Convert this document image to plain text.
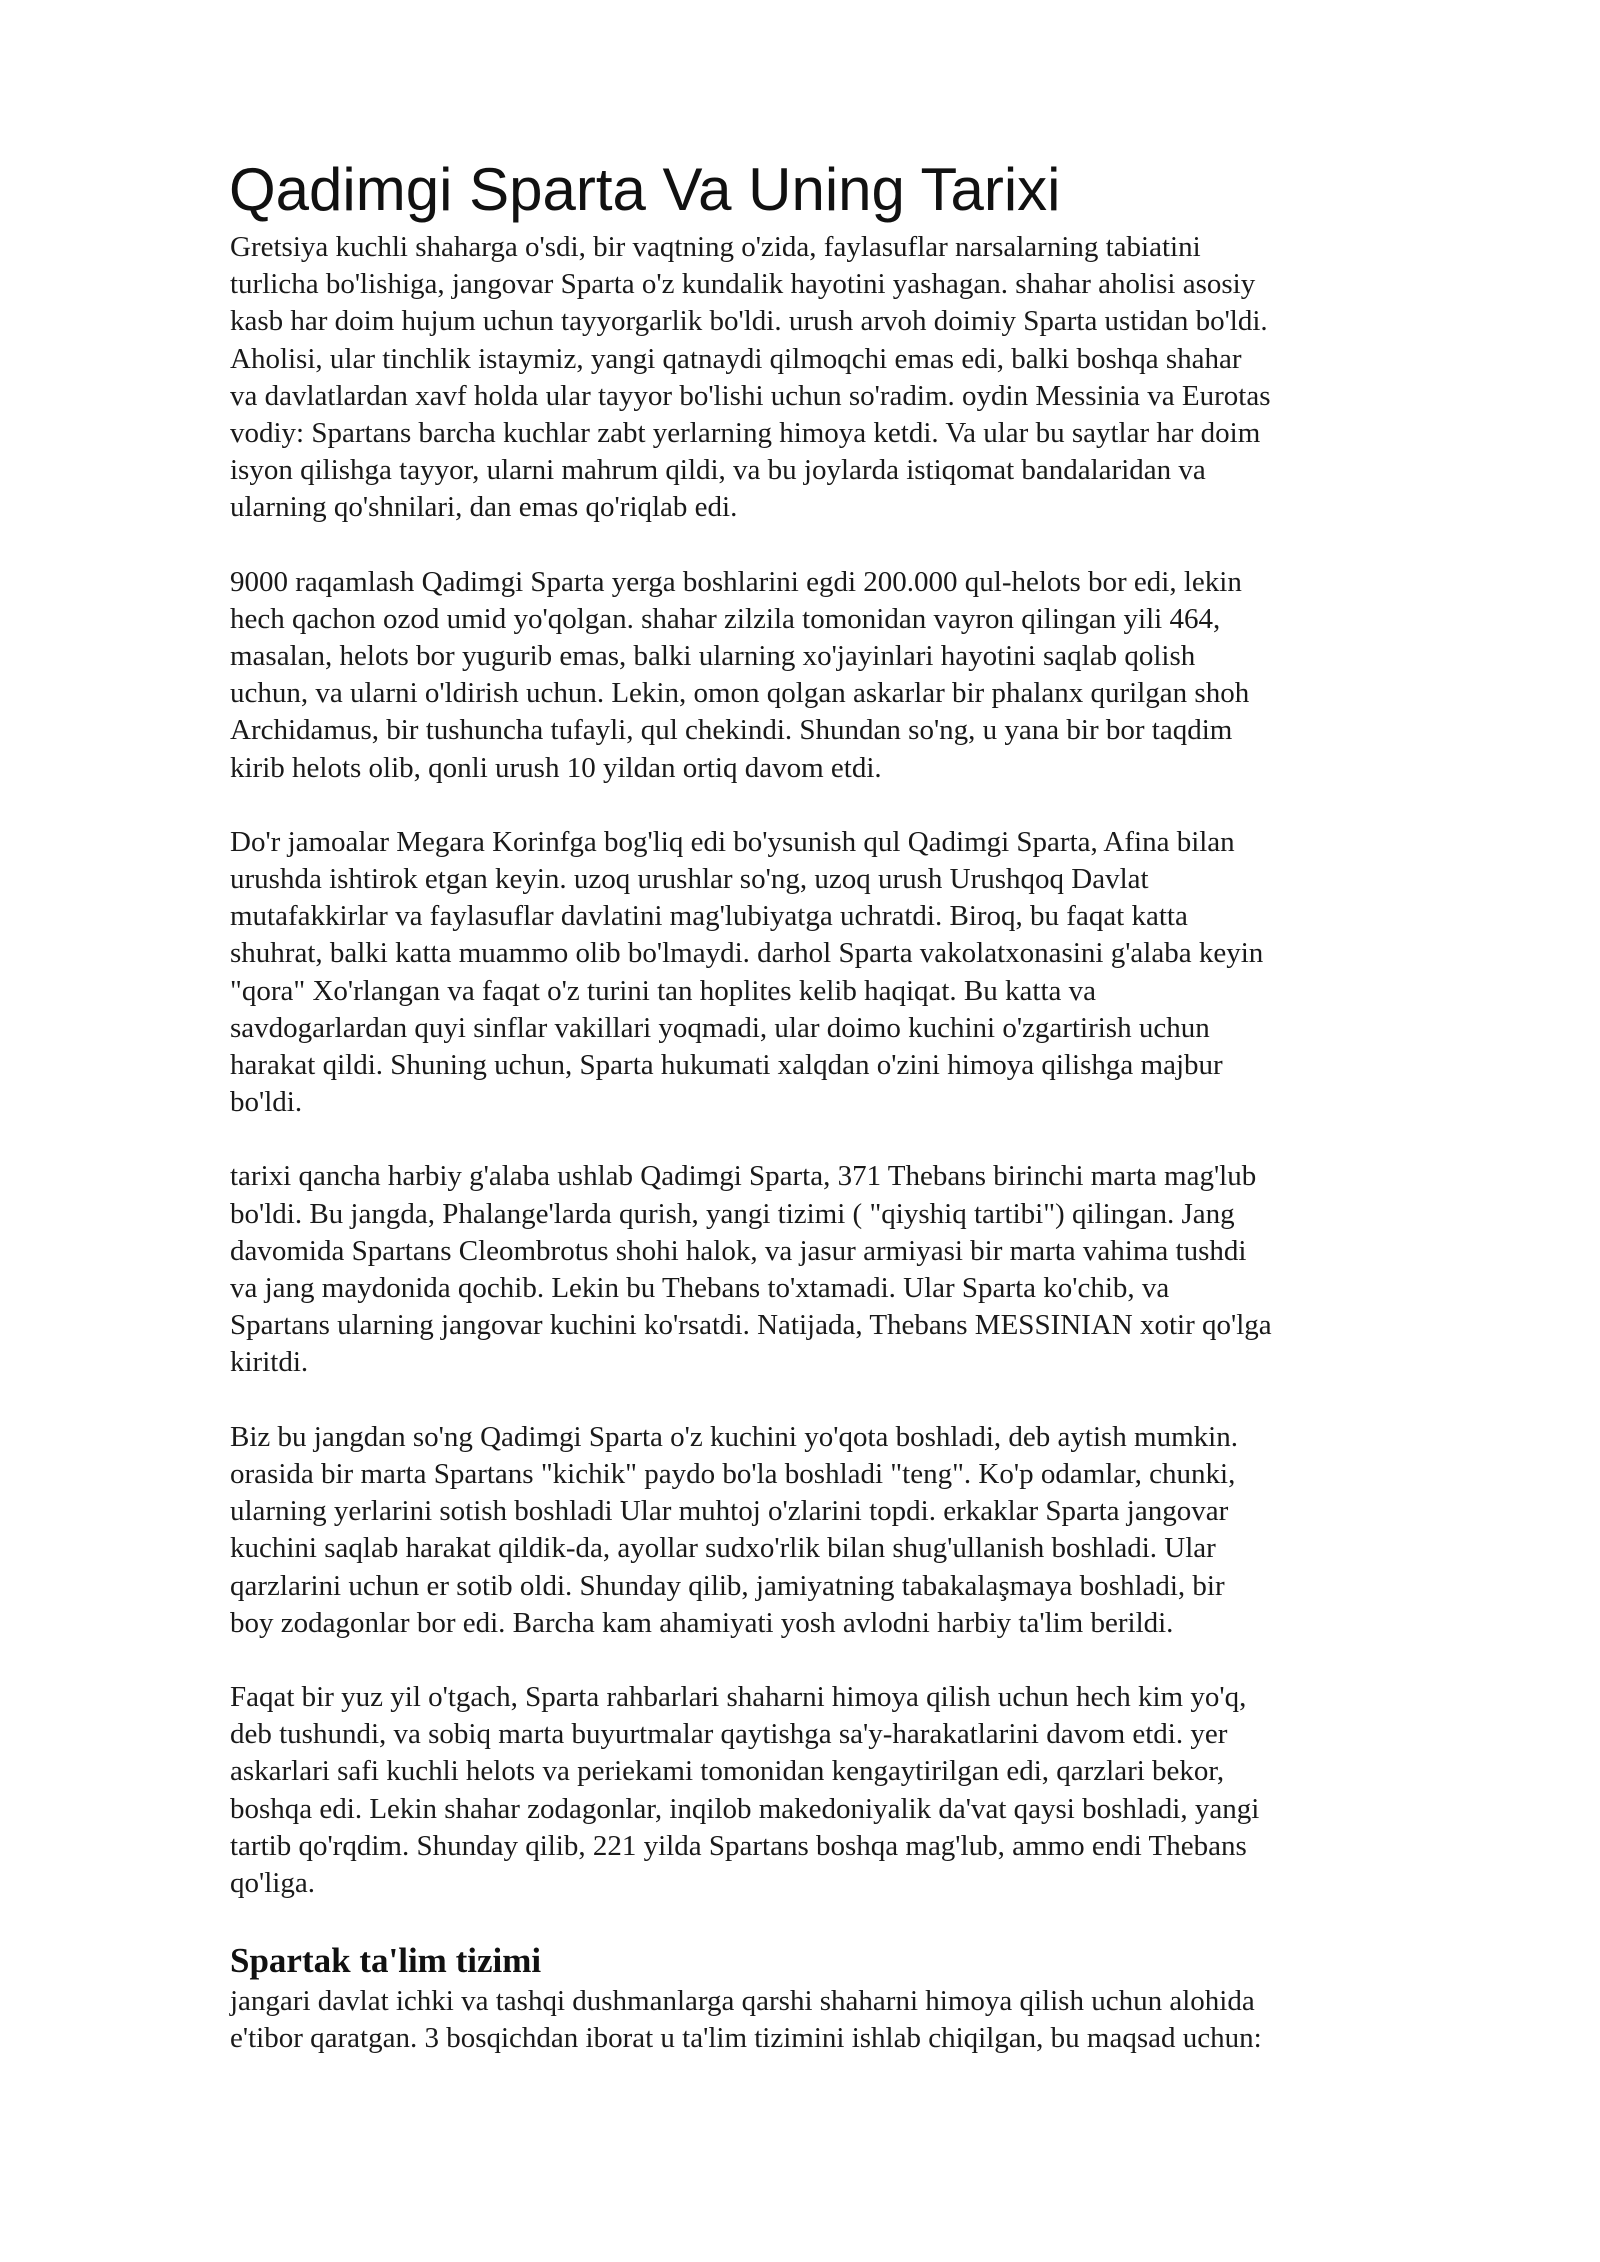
Qadimgi Sparta Va Uning Tarixi

Gretsiya kuchli shaharga o'sdi, bir vaqtning o'zida, faylasuflar narsalarning tabiatini
turlicha bo'lishiga, jangovar Sparta o'z kundalik hayotini yashagan. shahar aholisi asosiy
kasb har doim hujum uchun tayyorgarlik bo'ldi. urush arvoh doimiy Sparta ustidan bo'ldi.
Aholisi, ular tinchlik istaymiz, yangi qatnaydi qilmoqchi emas edi, balki boshqa shahar
va davlatlardan xavf holda ular tayyor bo'lishi uchun so'radim. oydin Messinia va Eurotas
vodiy: Spartans barcha kuchlar zabt yerlarning himoya ketdi. Va ular bu saytlar har doim
isyon qilishga tayyor, ularni mahrum qildi, va bu joylarda istiqomat bandalaridan va
ularning qo'shnilari, dan emas qo'riqlab edi.

9000 raqamlash Qadimgi Sparta yerga boshlarini egdi 200.000 qul-helots bor edi, lekin
hech qachon ozod umid yo'qolgan. shahar zilzila tomonidan vayron qilingan yili 464,
masalan, helots bor yugurib emas, balki ularning xo'jayinlari hayotini saqlab qolish
uchun, va ularni o'ldirish uchun. Lekin, omon qolgan askarlar bir phalanx qurilgan shoh
Archidamus, bir tushuncha tufayli, qul chekindi. Shundan so'ng, u yana bir bor taqdim
kirib helots olib, qonli urush 10 yildan ortiq davom etdi.

Do'r jamoalar Megara Korinfga bog'liq edi bo'ysunish qul Qadimgi Sparta, Afina bilan
urushda ishtirok etgan keyin. uzoq urushlar so'ng, uzoq urush Urushqoq Davlat
mutafakkirlar va faylasuflar davlatini mag'lubiyatga uchratdi. Biroq, bu faqat katta
shuhrat, balki katta muammo olib bo'lmaydi. darhol Sparta vakolatxonasini g'alaba keyin
"qora" Xo'rlangan va faqat o'z turini tan hoplites kelib haqiqat. Bu katta va
savdogarlardan quyi sinflar vakillari yoqmadi, ular doimo kuchini o'zgartirish uchun
harakat qildi. Shuning uchun, Sparta hukumati xalqdan o'zini himoya qilishga majbur
bo'ldi.

tarixi qancha harbiy g'alaba ushlab Qadimgi Sparta, 371 Thebans birinchi marta mag'lub
bo'ldi. Bu jangda, Phalange'larda qurish, yangi tizimi ( "qiyshiq tartibi") qilingan. Jang
davomida Spartans Cleombrotus shohi halok, va jasur armiyasi bir marta vahima tushdi
va jang maydonida qochib. Lekin bu Thebans to'xtamadi. Ular Sparta ko'chib, va
Spartans ularning jangovar kuchini ko'rsatdi. Natijada, Thebans MESSINIAN xotir qo'lga
kiritdi.

Biz bu jangdan so'ng Qadimgi Sparta o'z kuchini yo'qota boshladi, deb aytish mumkin.
orasida bir marta Spartans "kichik" paydo bo'la boshladi "teng". Ko'p odamlar, chunki,
ularning yerlarini sotish boshladi Ular muhtoj o'zlarini topdi. erkaklar Sparta jangovar
kuchini saqlab harakat qildik-da, ayollar sudxo'rlik bilan shug'ullanish boshladi. Ular
qarzlarini uchun er sotib oldi. Shunday qilib, jamiyatning tabakalaşmaya boshladi, bir
boy zodagonlar bor edi. Barcha kam ahamiyati yosh avlodni harbiy ta'lim berildi.

Faqat bir yuz yil o'tgach, Sparta rahbarlari shaharni himoya qilish uchun hech kim yo'q,
deb tushundi, va sobiq marta buyurtmalar qaytishga sa'y-harakatlarini davom etdi. yer
askarlari safi kuchli helots va periekami tomonidan kengaytirilgan edi, qarzlari bekor,
boshqa edi. Lekin shahar zodagonlar, inqilob makedoniyalik da'vat qaysi boshladi, yangi
tartib qo'rqdim. Shunday qilib, 221 yilda Spartans boshqa mag'lub, ammo endi Thebans
qo'liga.

Spartak ta'lim tizimi

jangari davlat ichki va tashqi dushmanlarga qarshi shaharni himoya qilish uchun alohida
e'tibor qaratgan. 3 bosqichdan iborat u ta'lim tizimini ishlab chiqilgan, bu maqsad uchun:
